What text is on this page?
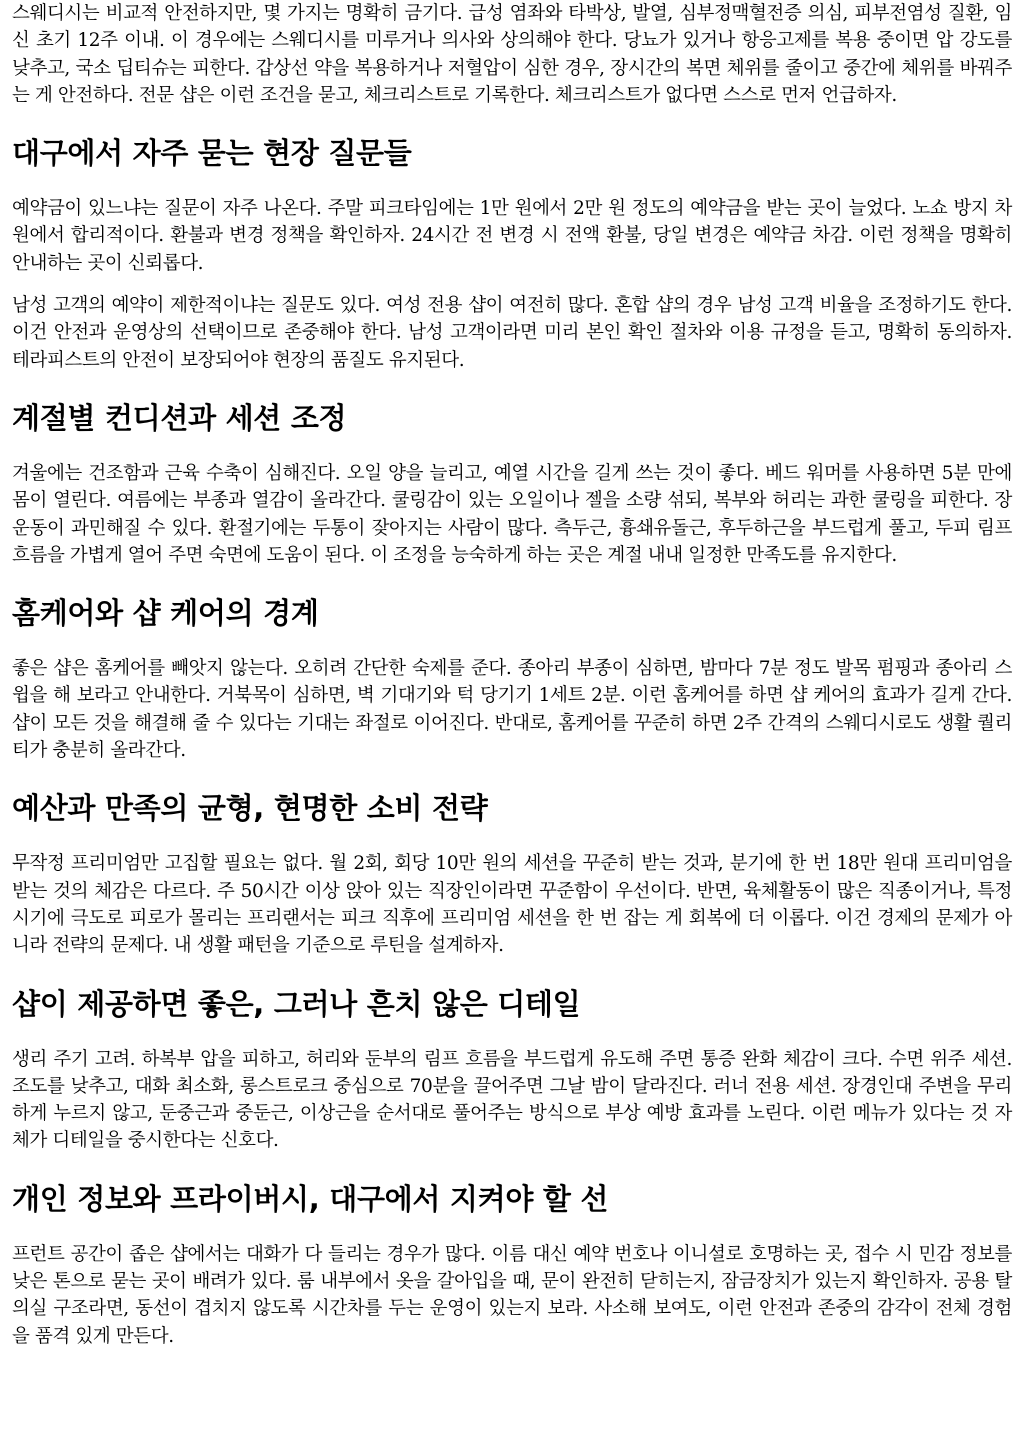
스웨디시는 비교적 안전하지만, 몇 가지는 명확히 금기다. 급성 염좌와 타박상, 발열, 심부정맥혈전증 의심, 피부전염성 질환, 임신 초기 12주 이내. 이 경우에는 스웨디시를 미루거나 의사와 상의해야 한다. 당뇨가 있거나 항응고제를 복용 중이면 압 강도를 낮추고, 국소 딥티슈는 피한다. 갑상선 약을 복용하거나 저혈압이 심한 경우, 장시간의 복면 체위를 줄이고 중간에 체위를 바꿔주는 게 안전하다. 전문 샵은 이런 조건을 묻고, 체크리스트로 기록한다. 체크리스트가 없다면 스스로 먼저 언급하자.

대구에서 자주 묻는 현장 질문들

예약금이 있느냐는 질문이 자주 나온다. 주말 피크타임에는 1만 원에서 2만 원 정도의 예약금을 받는 곳이 늘었다. 노쇼 방지 차원에서 합리적이다. 환불과 변경 정책을 확인하자. 24시간 전 변경 시 전액 환불, 당일 변경은 예약금 차감. 이런 정책을 명확히 안내하는 곳이 신뢰롭다.

남성 고객의 예약이 제한적이냐는 질문도 있다. 여성 전용 샵이 여전히 많다. 혼합 샵의 경우 남성 고객 비율을 조정하기도 한다. 이건 안전과 운영상의 선택이므로 존중해야 한다. 남성 고객이라면 미리 본인 확인 절차와 이용 규정을 듣고, 명확히 동의하자. 테라피스트의 안전이 보장되어야 현장의 품질도 유지된다.

계절별 컨디션과 세션 조정

겨울에는 건조함과 근육 수축이 심해진다. 오일 양을 늘리고, 예열 시간을 길게 쓰는 것이 좋다. 베드 워머를 사용하면 5분 만에 몸이 열린다. 여름에는 부종과 열감이 올라간다. 쿨링감이 있는 오일이나 젤을 소량 섞되, 복부와 허리는 과한 쿨링을 피한다. 장운동이 과민해질 수 있다. 환절기에는 두통이 잦아지는 사람이 많다. 측두근, 흉쇄유돌근, 후두하근을 부드럽게 풀고, 두피 림프 흐름을 가볍게 열어 주면 숙면에 도움이 된다. 이 조정을 능숙하게 하는 곳은 계절 내내 일정한 만족도를 유지한다.

홈케어와 샵 케어의 경계

좋은 샵은 홈케어를 빼앗지 않는다. 오히려 간단한 숙제를 준다. 종아리 부종이 심하면, 밤마다 7분 정도 발목 펌핑과 종아리 스윕을 해 보라고 안내한다. 거북목이 심하면, 벽 기대기와 턱 당기기 1세트 2분. 이런 홈케어를 하면 샵 케어의 효과가 길게 간다. 샵이 모든 것을 해결해 줄 수 있다는 기대는 좌절로 이어진다. 반대로, 홈케어를 꾸준히 하면 2주 간격의 스웨디시로도 생활 퀄리티가 충분히 올라간다.

예산과 만족의 균형, 현명한 소비 전략

무작정 프리미엄만 고집할 필요는 없다. 월 2회, 회당 10만 원의 세션을 꾸준히 받는 것과, 분기에 한 번 18만 원대 프리미엄을 받는 것의 체감은 다르다. 주 50시간 이상 앉아 있는 직장인이라면 꾸준함이 우선이다. 반면, 육체활동이 많은 직종이거나, 특정 시기에 극도로 피로가 몰리는 프리랜서는 피크 직후에 프리미엄 세션을 한 번 잡는 게 회복에 더 이롭다. 이건 경제의 문제가 아니라 전략의 문제다. 내 생활 패턴을 기준으로 루틴을 설계하자.

샵이 제공하면 좋은, 그러나 흔치 않은 디테일

생리 주기 고려. 하복부 압을 피하고, 허리와 둔부의 림프 흐름을 부드럽게 유도해 주면 통증 완화 체감이 크다. 수면 위주 세션. 조도를 낮추고, 대화 최소화, 롱스트로크 중심으로 70분을 끌어주면 그날 밤이 달라진다. 러너 전용 세션. 장경인대 주변을 무리하게 누르지 않고, 둔중근과 중둔근, 이상근을 순서대로 풀어주는 방식으로 부상 예방 효과를 노린다. 이런 메뉴가 있다는 것 자체가 디테일을 중시한다는 신호다.

개인 정보와 프라이버시, 대구에서 지켜야 할 선

프런트 공간이 좁은 샵에서는 대화가 다 들리는 경우가 많다. 이름 대신 예약 번호나 이니셜로 호명하는 곳, 접수 시 민감 정보를 낮은 톤으로 묻는 곳이 배려가 있다. 룸 내부에서 옷을 갈아입을 때, 문이 완전히 닫히는지, 잠금장치가 있는지 확인하자. 공용 탈의실 구조라면, 동선이 겹치지 않도록 시간차를 두는 운영이 있는지 보라. 사소해 보여도, 이런 안전과 존중의 감각이 전체 경험을 품격 있게 만든다.
